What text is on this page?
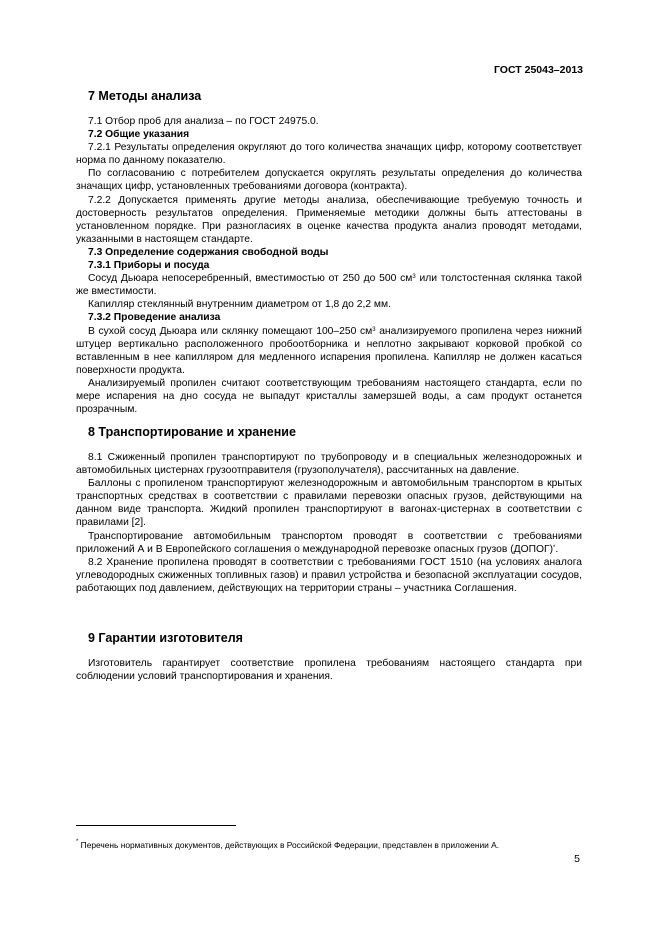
ГОСТ 25043–2013
7 Методы анализа

7.1 Отбор проб для анализа – по ГОСТ 24975.0.

7.2 Общие указания

7.2.1 Результаты определения округляют до того количества значащих цифр, которому соответствует норма по данному показателю.

По согласованию с потребителем допускается округлять результаты определения до количества значащих цифр, установленных требованиями договора (контракта).

7.2.2 Допускается применять другие методы анализа, обеспечивающие требуемую точность и достоверность результатов определения. Применяемые методики должны быть аттестованы в установленном порядке. При разногласиях в оценке качества продукта анализ проводят методами, указанными в настоящем стандарте.

7.3 Определение содержания свободной воды

7.3.1 Приборы и посуда

Сосуд Дьюара непосеребренный, вместимостью от 250 до 500 $см^3$ или толстостенная склянка такой же вместимости.

Капилляр стеклянный внутренним диаметром от 1,8 до 2,2 мм.

7.3.2 Проведение анализа

В сухой сосуд Дьюара или склянку помещают 100–250 $см^3$ анализируемого пропилена через нижний штуцер вертикально расположенного пробоотборника и неплотно закрывают корковой пробкой со вставленным в нее капилляром для медленного испарения пропилена. Капилляр не должен касаться поверхности продукта.

Анализируемый пропилен считают соответствующим требованиям настоящего стандарта, если по мере испарения на дно сосуда не выпадут кристаллы замерзшей воды, а сам продукт останется прозрачным.

8 Транспортирование и хранение

8.1 Сжиженный пропилен транспортируют по трубопроводу и в специальных железнодорожных и автомобильных цистернах грузоотправителя (грузополучателя), рассчитанных на давление.

Баллоны с пропиленом транспортируют железнодорожным и автомобильным транспортом в крытых транспортных средствах в соответствии с правилами перевозки опасных грузов, действующими на данном виде транспорта. Жидкий пропилен транспортируют в вагонах-цистернах в соответствии с правилами [2].

Транспортирование автомобильным транспортом проводят в соответствии с требованиями приложений А и В Европейского соглашения о международной перевозке опасных грузов (ДОПОГ)*.

8.2 Хранение пропилена проводят в соответствии с требованиями ГОСТ 1510 (на условиях аналога углеводородных сжиженных топливных газов) и правил устройства и безопасной эксплуатации сосудов, работающих под давлением, действующих на территории страны – участника Соглашения.

9 Гарантии изготовителя

Изготовитель гарантирует соответствие пропилена требованиям настоящего стандарта при соблюдении условий транспортирования и хранения.

* Перечень нормативных документов, действующих в Российской Федерации, представлен в приложении А.
5
